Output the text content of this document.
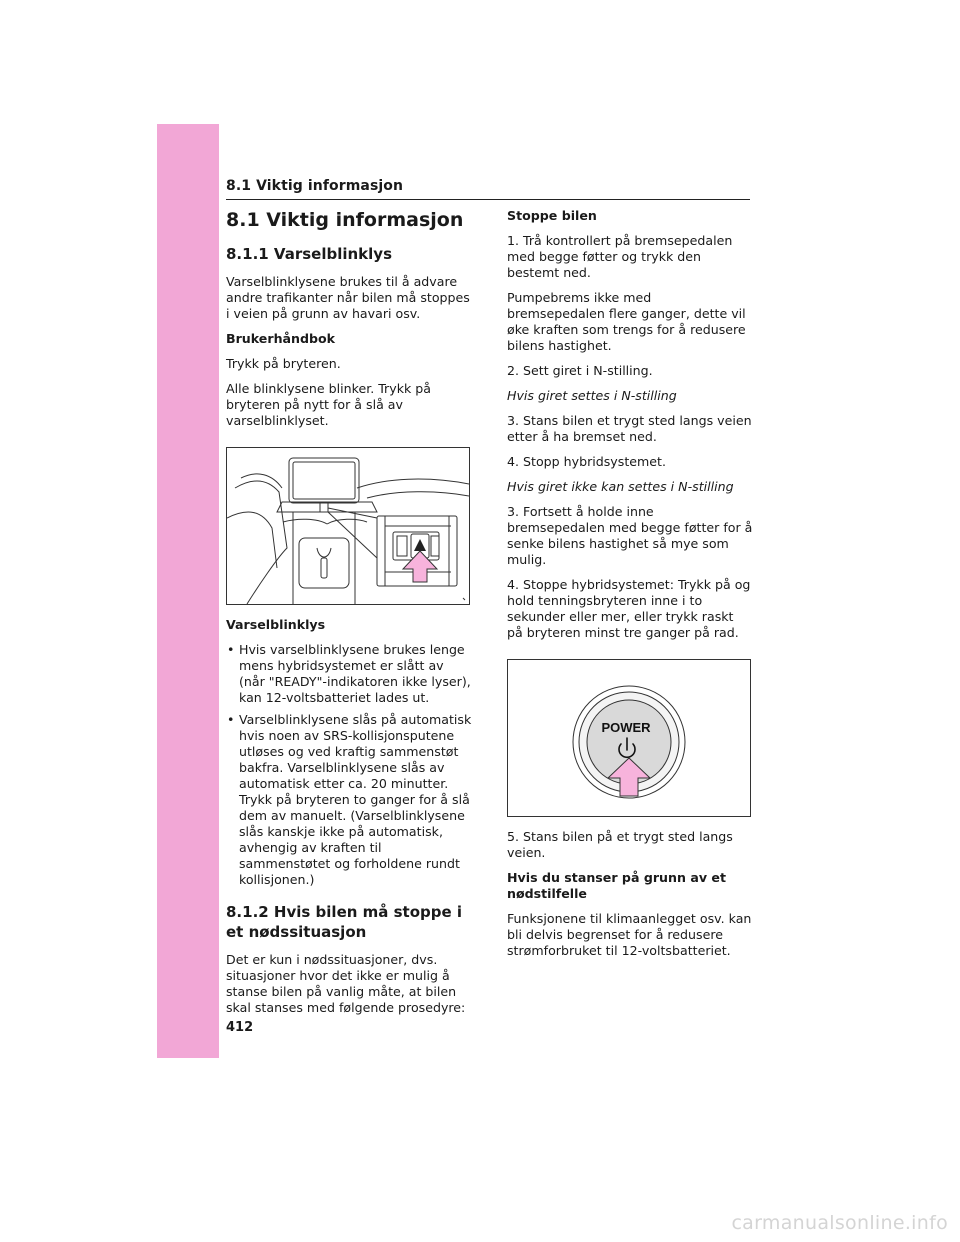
8.1 Viktig informasjon
8.1 Viktig informasjon
8.1.1 Varselblinklys

Varselblinklysene brukes til å advare andre trafikanter når bilen må stoppes i veien på grunn av havari osv.

Brukerhåndbok

Trykk på bryteren.

Alle blinklysene blinker. Trykk på bryteren på nytt for å slå av varselblinklyset.

Varselblinklys

• Hvis varselblinklysene brukes lenge mens hybridsystemet er slått av (når "READY"-indikatoren ikke lyser), kan 12-voltsbatteriet lades ut.
• Varselblinklysene slås på automatisk hvis noen av SRS-kollisjonsputene utløses og ved kraftig sammenstøt bakfra. Varselblinklysene slås av automatisk etter ca. 20 minutter. Trykk på bryteren to ganger for å slå dem av manuelt. (Varselblinklysene slås kanskje ikke på automatisk, avhengig av kraften til sammenstøtet og forholdene rundt kollisjonen.)
8.1.2 Hvis bilen må stoppe i et nødssituasjon

Det er kun i nødssituasjoner, dvs. situasjoner hvor det ikke er mulig å stanse bilen på vanlig måte, at bilen skal stanses med følgende prosedyre:

Stoppe bilen

1. Trå kontrollert på bremsepedalen med begge føtter og trykk den bestemt ned.

Pumpebrems ikke med bremsepedalen flere ganger, dette vil øke kraften som trengs for å redusere bilens hastighet.

2. Sett giret i N-stilling.

Hvis giret settes i N-stilling

3. Stans bilen et trygt sted langs veien etter å ha bremset ned.

4. Stopp hybridsystemet.

Hvis giret ikke kan settes i N-stilling

3. Fortsett å holde inne bremsepedalen med begge føtter for å senke bilens hastighet så mye som mulig.

4. Stoppe hybridsystemet: Trykk på og hold tenningsbryteren inne i to sekunder eller mer, eller trykk raskt på bryteren minst tre ganger på rad.

POWER

5. Stans bilen på et trygt sted langs veien.

Hvis du stanser på grunn av et nødstilfelle

Funksjonene til klimaanlegget osv. kan bli delvis begrenset for å redusere strømforbruket til 12-voltsbatteriet.

412
carmanualsonline.info
